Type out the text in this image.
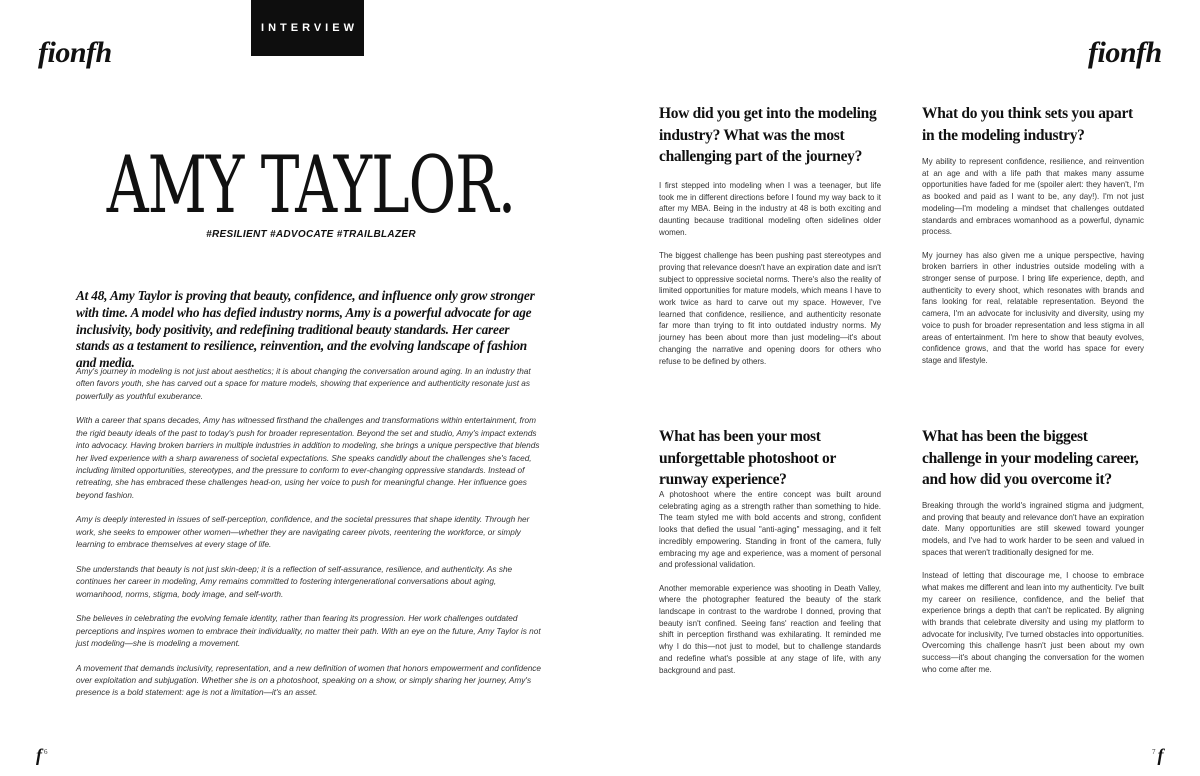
fionfh	fionfh
INTERVIEW
AMY TAYLOR.
#RESILIENT #ADVOCATE #TRAILBLAZER
At 48, Amy Taylor is proving that beauty, confidence, and influence only grow stronger with time. A model who has defied industry norms, Amy is a powerful advocate for age inclusivity, body positivity, and redefining traditional beauty standards. Her career stands as a testament to resilience, reinvention, and the evolving landscape of fashion and media.

Amy's journey in modeling is not just about aesthetics; it is about changing the conversation around aging. In an industry that often favors youth, she has carved out a space for mature models, showing that experience and authenticity resonate just as powerfully as youthful exuberance.

With a career that spans decades, Amy has witnessed firsthand the challenges and transformations within entertainment, from the rigid beauty ideals of the past to today's push for broader representation. Beyond the set and studio, Amy's impact extends into advocacy. Having broken barriers in multiple industries in addition to modeling, she brings a unique perspective that blends her lived experience with a sharp awareness of societal expectations. She speaks candidly about the challenges she's faced, including limited opportunities, stereotypes, and the pressure to conform to ever-changing oppressive standards. Instead of retreating, she has embraced these challenges head-on, using her voice to push for meaningful change. Her influence goes beyond fashion.

Amy is deeply interested in issues of self-perception, confidence, and the societal pressures that shape identity. Through her work, she seeks to empower other women—whether they are navigating career pivots, reentering the workforce, or simply learning to embrace themselves at every stage of life.

She understands that beauty is not just skin-deep; it is a reflection of self-assurance, resilience, and authenticity. As she continues her career in modeling, Amy remains committed to fostering intergenerational conversations about aging, womanhood, norms, stigma, body image, and self-worth.

She believes in celebrating the evolving female identity, rather than fearing its progression. Her work challenges outdated perceptions and inspires women to embrace their individuality, no matter their path. With an eye on the future, Amy Taylor is not just modeling—she is modeling a movement.

A movement that demands inclusivity, representation, and a new definition of women that honors empowerment and confidence over exploitation and subjugation. Whether she is on a photoshoot, speaking on a show, or simply sharing her journey, Amy's presence is a bold statement: age is not a limitation—it's an asset.

How did you get into the modeling industry? What was the most challenging part of the journey?

I first stepped into modeling when I was a teenager, but life took me in different directions before I found my way back to it after my MBA. Being in the industry at 48 is both exciting and daunting because traditional modeling often sidelines older women.

The biggest challenge has been pushing past stereotypes and proving that relevance doesn't have an expiration date and isn't subject to oppressive societal norms. There's also the reality of limited opportunities for mature models, which means I have to work twice as hard to carve out my space. However, I've learned that confidence, resilience, and authenticity resonate far more than trying to fit into outdated industry norms. My journey has been about more than just modeling—it's about changing the narrative and opening doors for others who refuse to be defined by others.

What do you think sets you apart in the modeling industry?

My ability to represent confidence, resilience, and reinvention at an age and with a life path that makes many assume opportunities have faded for me (spoiler alert: they haven't, I'm as booked and paid as I want to be, any day!). I'm not just modeling—I'm modeling a mindset that challenges outdated standards and embraces womanhood as a powerful, dynamic process.

My journey has also given me a unique perspective, having broken barriers in other industries outside modeling with a stronger sense of purpose. I bring life experience, depth, and authenticity to every shoot, which resonates with brands and fans looking for real, relatable representation. Beyond the camera, I'm an advocate for inclusivity and diversity, using my voice to push for broader representation and less stigma in all areas of entertainment. I'm here to show that beauty evolves, confidence grows, and that the world has space for every stage and lifestyle.

What has been your most unforgettable photoshoot or runway experience?

A photoshoot where the entire concept was built around celebrating aging as a strength rather than something to hide. The team styled me with bold accents and strong, confident looks that defied the usual "anti-aging" messaging, and it felt incredibly empowering. Standing in front of the camera, fully embracing my age and experience, was a moment of personal and professional validation.

Another memorable experience was shooting in Death Valley, where the photographer featured the beauty of the stark landscape in contrast to the wardrobe I donned, proving that beauty isn't confined. Seeing fans' reaction and feeling that shift in perception firsthand was exhilarating. It reminded me why I do this—not just to model, but to challenge standards and redefine what's possible at any stage of life, with any background and past.

What has been the biggest challenge in your modeling career, and how did you overcome it?

Breaking through the world's ingrained stigma and judgment, and proving that beauty and relevance don't have an expiration date. Many opportunities are still skewed toward younger models, and I've had to work harder to be seen and valued in spaces that weren't traditionally designed for me.

Instead of letting that discourage me, I choose to embrace what makes me different and lean into my authenticity. I've built my career on resilience, confidence, and the belief that experience brings a depth that can't be replicated. By aligning with brands that celebrate diversity and using my platform to advocate for inclusivity, I've turned obstacles into opportunities. Overcoming this challenge hasn't just been about my own success—it's about changing the conversation for the women who come after me.

f 6	7 f
